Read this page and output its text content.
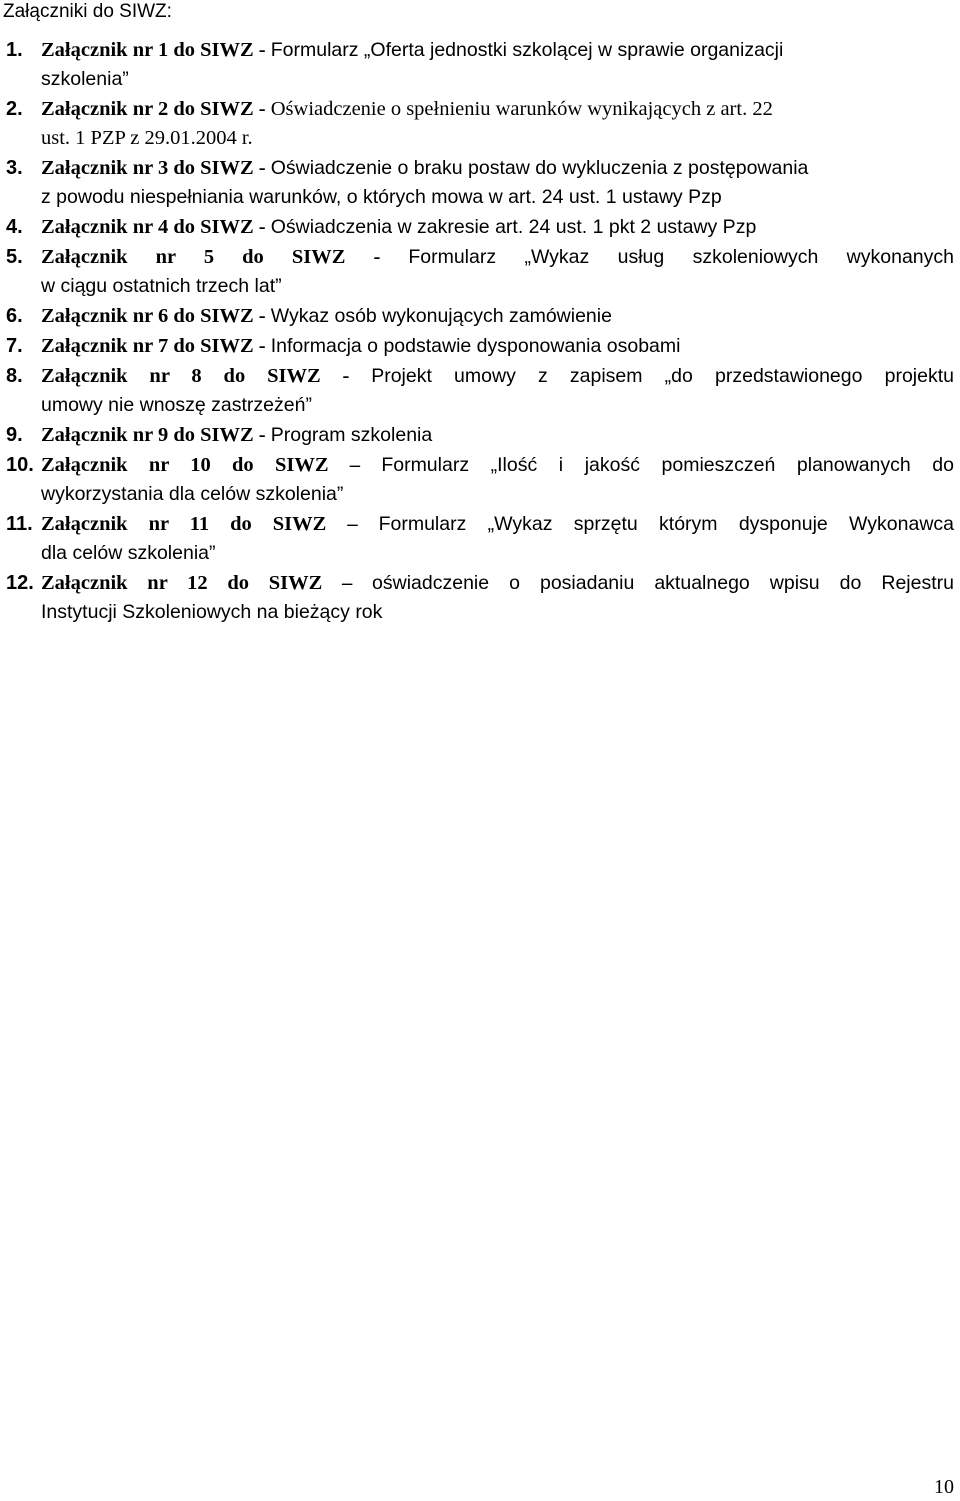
Załączniki do SIWZ:
1. Załącznik nr 1 do SIWZ - Formularz „Oferta jednostki szkolącej w sprawie organizacji
szkolenia”
2. Załącznik nr 2 do SIWZ - Oświadczenie o spełnieniu warunków wynikających z art. 22
ust. 1 PZP z 29.01.2004 r.
3. Załącznik nr 3 do SIWZ - Oświadczenie o braku postaw do wykluczenia z postępowania
z powodu niespełniania warunków, o których mowa w art. 24 ust. 1 ustawy Pzp
4. Załącznik nr 4 do SIWZ - Oświadczenia w zakresie art. 24 ust. 1 pkt 2 ustawy Pzp
5. Załącznik nr 5 do SIWZ - Formularz „Wykaz usług szkoleniowych wykonanych
w ciągu ostatnich trzech lat”
6. Załącznik nr 6 do SIWZ - Wykaz osób wykonujących zamówienie
7. Załącznik nr 7 do SIWZ - Informacja o podstawie dysponowania osobami
8. Załącznik nr 8 do SIWZ - Projekt umowy z zapisem „do przedstawionego projektu
umowy nie wnoszę zastrzeżeń”
9. Załącznik nr 9 do SIWZ - Program szkolenia
10. Załącznik nr 10 do SIWZ – Formularz „Ilość i jakość pomieszczeń planowanych do
wykorzystania dla celów szkolenia”
11. Załącznik nr 11 do SIWZ – Formularz „Wykaz sprzętu którym dysponuje Wykonawca
dla celów szkolenia”
12. Załącznik nr 12 do SIWZ – oświadczenie o posiadaniu aktualnego wpisu do Rejestru
Instytucji Szkoleniowych na bieżący rok
10
